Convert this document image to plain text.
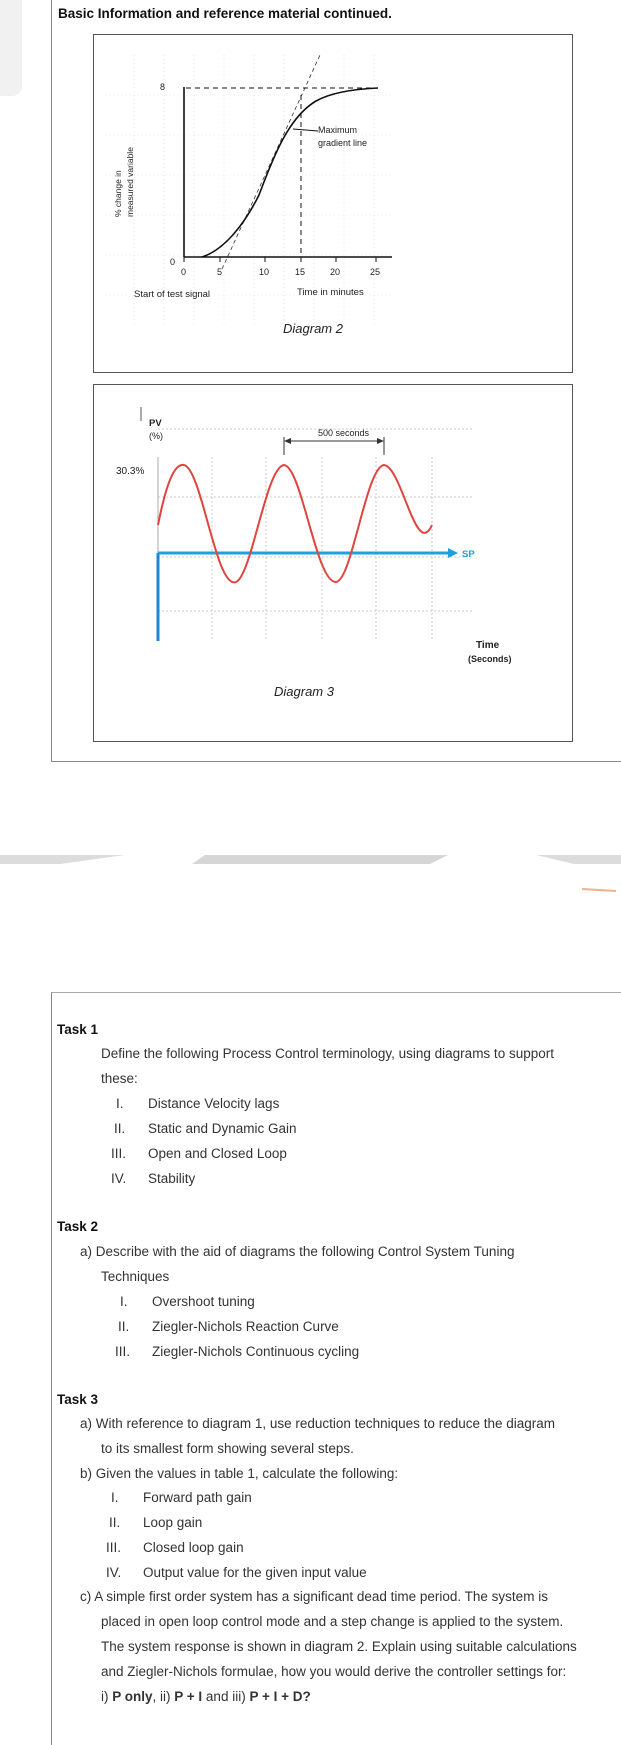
Basic Information and reference material continued.
8
0
0	5	10	15	20	25
Maximum
gradient line
Start of test signal	Time in minutes
% change in measured variable
Diagram 2
500 seconds
PV
(%)
30.3%
SP
Time
(Seconds)
Diagram 3
Task 1
Define the following Process Control terminology, using diagrams to support
these:
I. Distance Velocity lags
II. Static and Dynamic Gain
III. Open and Closed Loop
IV. Stability
Task 2
a) Describe with the aid of diagrams the following Control System Tuning
Techniques
I. Overshoot tuning
II. Ziegler-Nichols Reaction Curve
III. Ziegler-Nichols Continuous cycling
Task 3
a) With reference to diagram 1, use reduction techniques to reduce the diagram
to its smallest form showing several steps.
b) Given the values in table 1, calculate the following:
I. Forward path gain
II. Loop gain
III. Closed loop gain
IV. Output value for the given input value
c) A simple first order system has a significant dead time period. The system is
placed in open loop control mode and a step change is applied to the system.
The system response is shown in diagram 2. Explain using suitable calculations
and Ziegler-Nichols formulae, how you would derive the controller settings for:
i) P only, ii) P + I and iii) P + I + D?
